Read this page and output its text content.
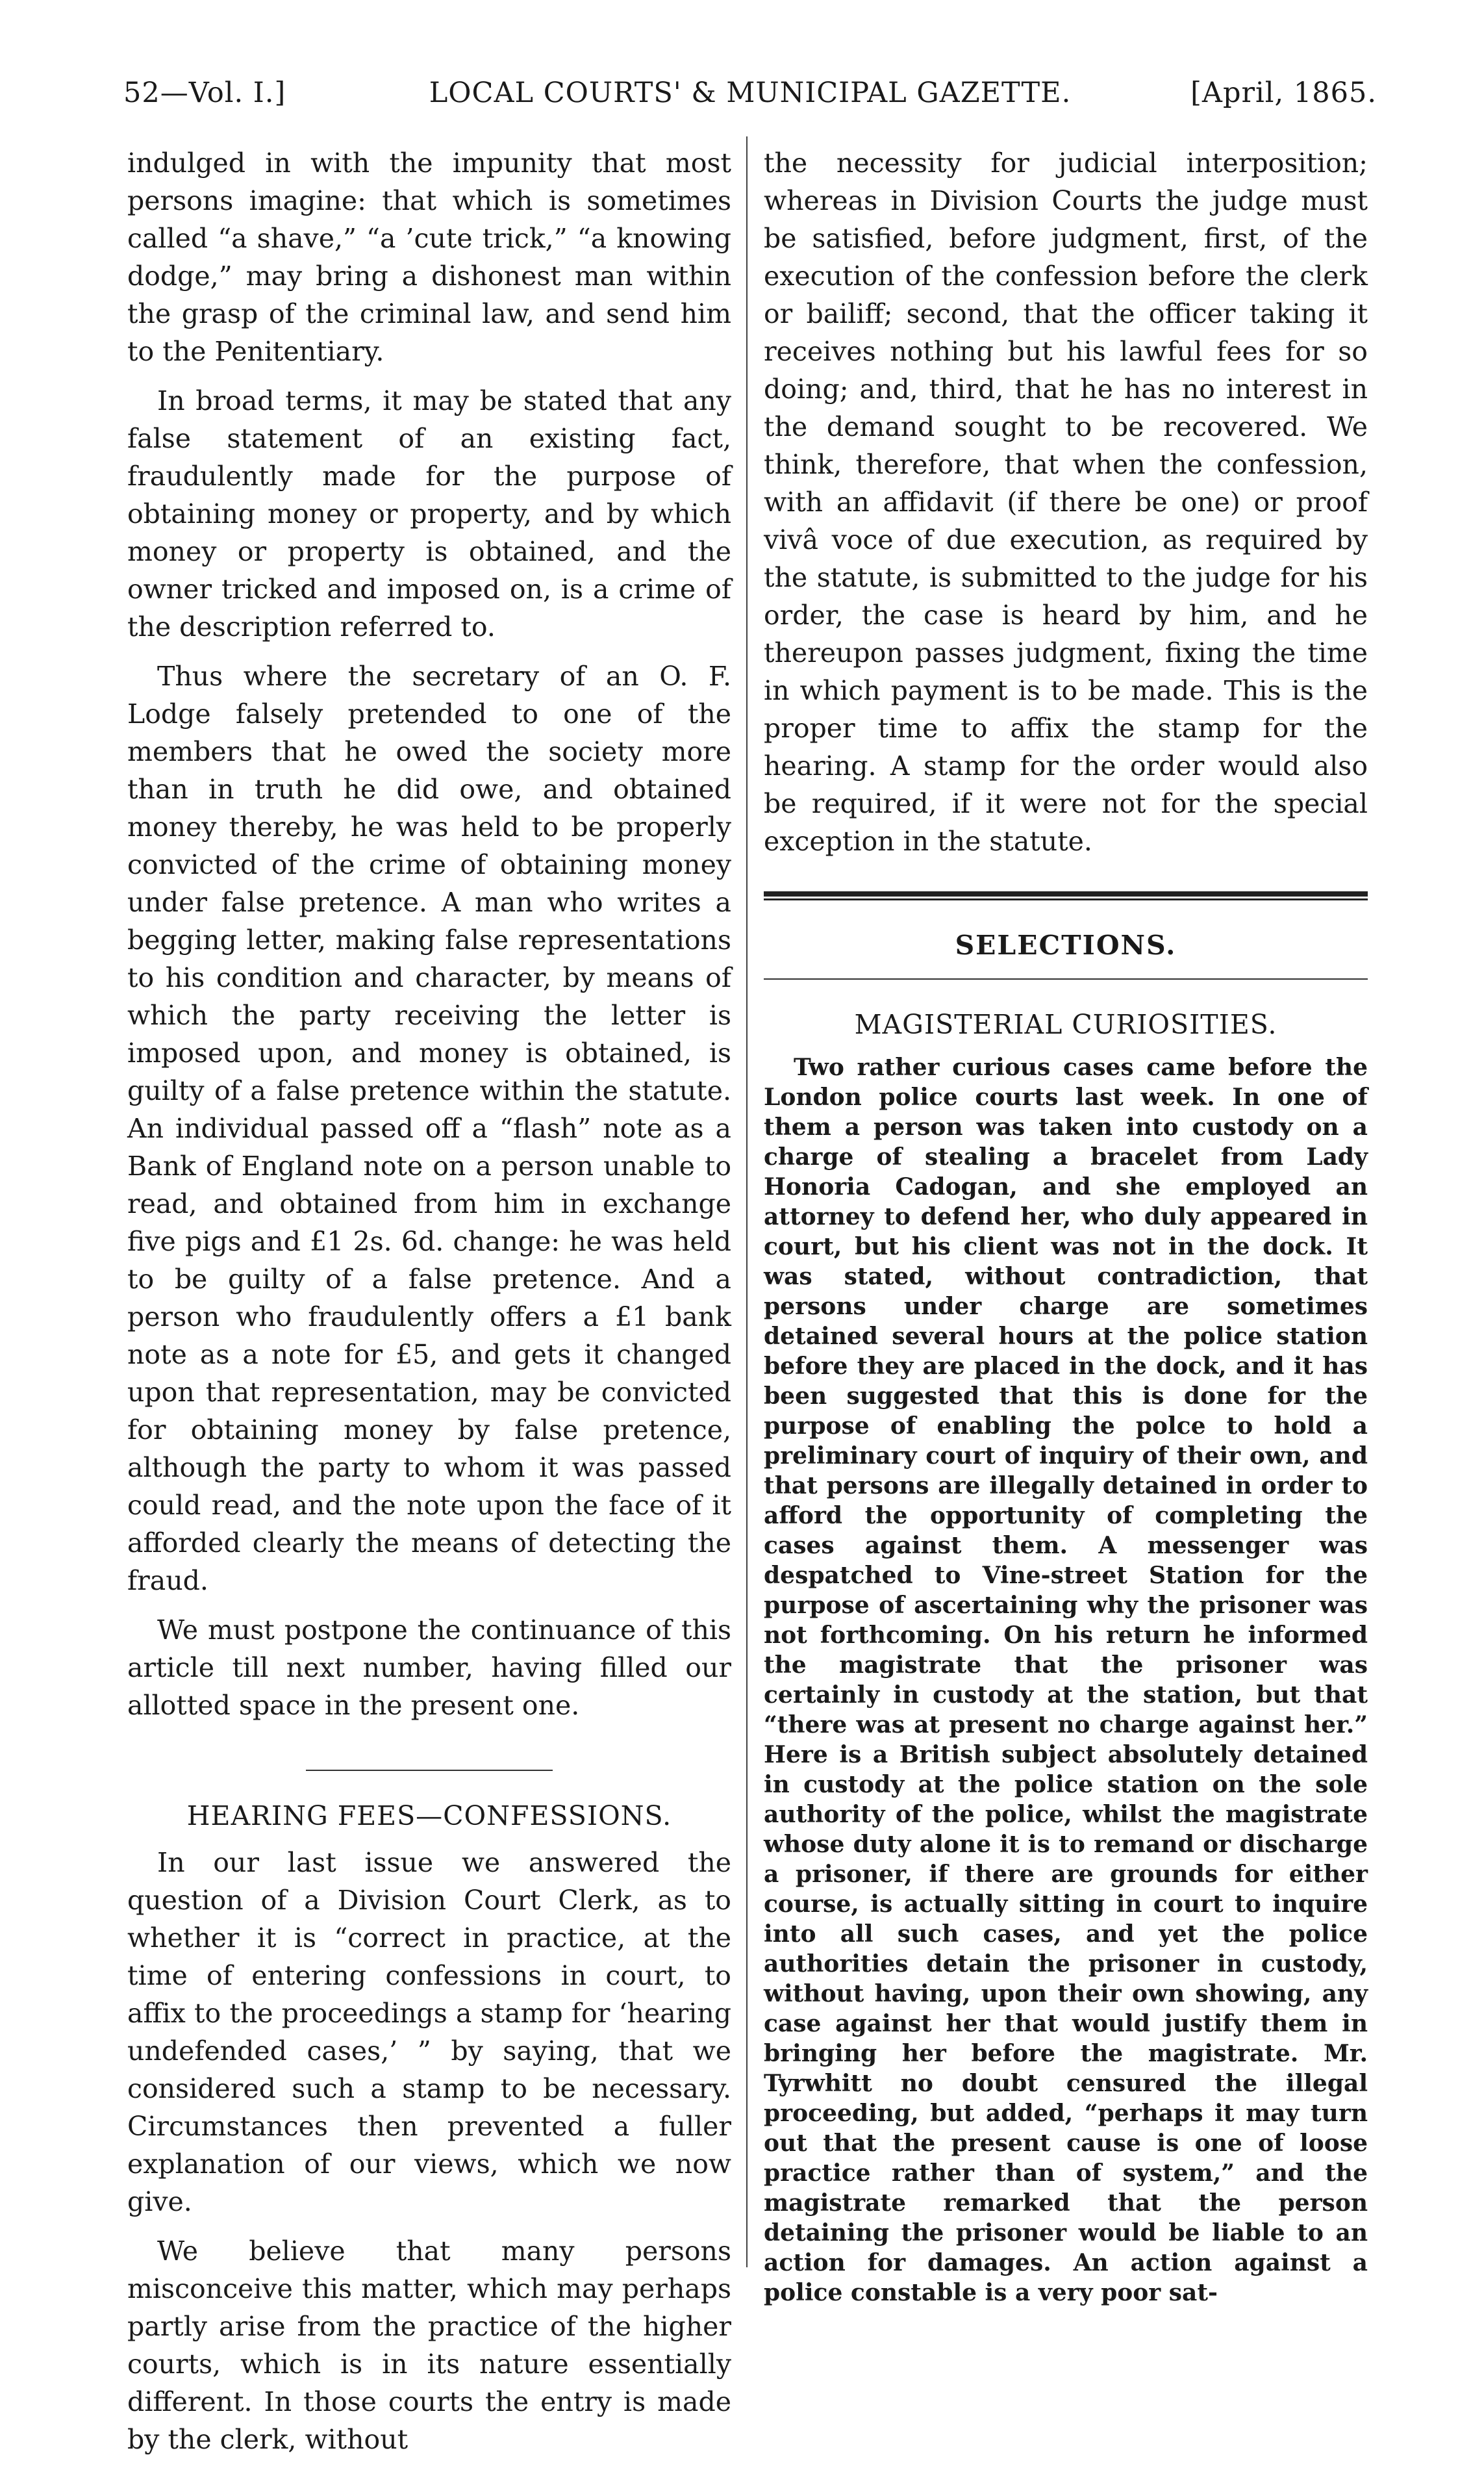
52—Vol. I.]	LOCAL COURTS' & MUNICIPAL GAZETTE.	[April, 1865.

indulged in with the impunity that most persons imagine: that which is sometimes called “a shave,” “a ’cute trick,” “a knowing dodge,” may bring a dishonest man within the grasp of the criminal law, and send him to the Penitentiary.

In broad terms, it may be stated that any false statement of an existing fact, fraudulently made for the purpose of obtaining money or property, and by which money or property is obtained, and the owner tricked and imposed on, is a crime of the description referred to.

Thus where the secretary of an O. F. Lodge falsely pretended to one of the members that he owed the society more than in truth he did owe, and obtained money thereby, he was held to be properly convicted of the crime of obtaining money under false pretence. A man who writes a begging letter, making false representations to his condition and character, by means of which the party receiving the letter is imposed upon, and money is obtained, is guilty of a false pretence within the statute. An individual passed off a “flash” note as a Bank of England note on a person unable to read, and obtained from him in exchange five pigs and £1 2s. 6d. change: he was held to be guilty of a false pretence. And a person who fraudulently offers a £1 bank note as a note for £5, and gets it changed upon that representation, may be convicted for obtaining money by false pretence, although the party to whom it was passed could read, and the note upon the face of it afforded clearly the means of detecting the fraud.

We must postpone the continuance of this article till next number, having filled our allotted space in the present one.

HEARING FEES—CONFESSIONS.

In our last issue we answered the question of a Division Court Clerk, as to whether it is “correct in practice, at the time of entering confessions in court, to affix to the proceedings a stamp for ‘hearing undefended cases,’ ” by saying, that we considered such a stamp to be necessary. Circumstances then prevented a fuller explanation of our views, which we now give.

We believe that many persons misconceive this matter, which may perhaps partly arise from the practice of the higher courts, which is in its nature essentially different. In those courts the entry is made by the clerk, without

the necessity for judicial interposition; whereas in Division Courts the judge must be satisfied, before judgment, first, of the execution of the confession before the clerk or bailiff; second, that the officer taking it receives nothing but his lawful fees for so doing; and, third, that he has no interest in the demand sought to be recovered. We think, therefore, that when the confession, with an affidavit (if there be one) or proof vivâ voce of due execution, as required by the statute, is submitted to the judge for his order, the case is heard by him, and he thereupon passes judgment, fixing the time in which payment is to be made. This is the proper time to affix the stamp for the hearing. A stamp for the order would also be required, if it were not for the special exception in the statute.

SELECTIONS.
MAGISTERIAL CURIOSITIES.

Two rather curious cases came before the London police courts last week. In one of them a person was taken into custody on a charge of stealing a bracelet from Lady Honoria Cadogan, and she employed an attorney to defend her, who duly appeared in court, but his client was not in the dock. It was stated, without contradiction, that persons under charge are sometimes detained several hours at the police station before they are placed in the dock, and it has been suggested that this is done for the purpose of enabling the polce to hold a preliminary court of inquiry of their own, and that persons are illegally detained in order to afford the opportunity of completing the cases against them. A messenger was despatched to Vine-street Station for the purpose of ascertaining why the prisoner was not forthcoming. On his return he informed the magistrate that the prisoner was certainly in custody at the station, but that “there was at present no charge against her.” Here is a British subject absolutely detained in custody at the police station on the sole authority of the police, whilst the magistrate whose duty alone it is to remand or discharge a prisoner, if there are grounds for either course, is actually sitting in court to inquire into all such cases, and yet the police authorities detain the prisoner in custody, without having, upon their own showing, any case against her that would justify them in bringing her before the magistrate. Mr. Tyrwhitt no doubt censured the illegal proceeding, but added, “perhaps it may turn out that the present cause is one of loose practice rather than of system,” and the magistrate remarked that the person detaining the prisoner would be liable to an action for damages. An action against a police constable is a very poor sat-
